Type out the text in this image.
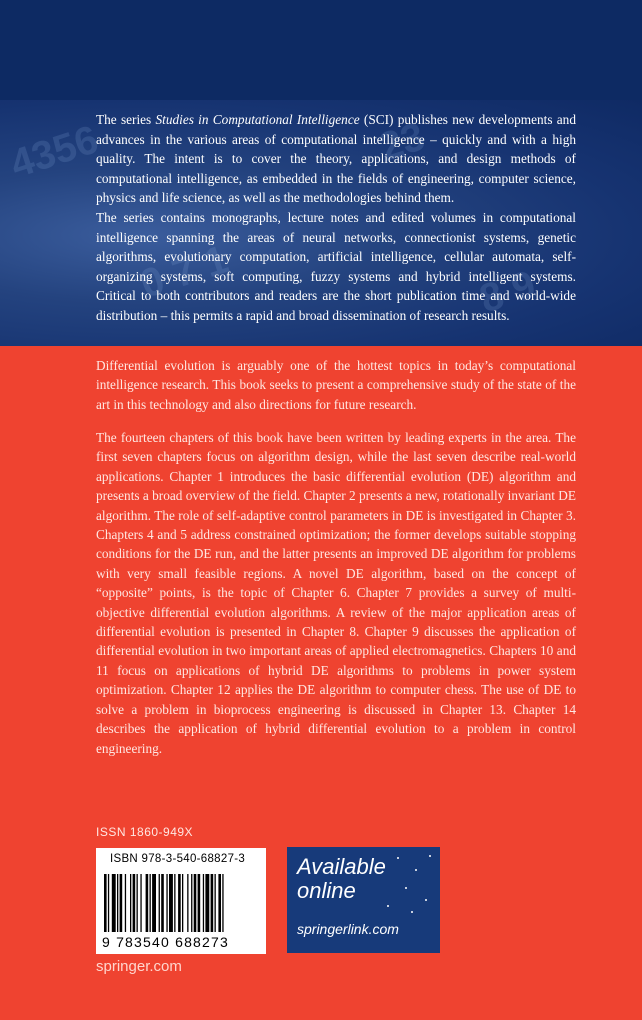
4356
0 7 1
23
8 9

The series Studies in Computational Intelligence (SCI) publishes new developments and advances in the various areas of computational intelligence – quickly and with a high quality. The intent is to cover the theory, applications, and design methods of computational intelligence, as embedded in the fields of engineering, computer science, physics and life science, as well as the methodologies behind them.

The series contains monographs, lecture notes and edited volumes in computational intelligence spanning the areas of neural networks, connectionist systems, genetic algorithms, evolutionary computation, artificial intelligence, cellular automata, self-organizing systems, soft computing, fuzzy systems and hybrid intelligent systems. Critical to both contributors and readers are the short publication time and world-wide distribution – this permits a rapid and broad dissemination of research results.

Differential evolution is arguably one of the hottest topics in today’s computational intelligence research. This book seeks to present a comprehensive study of the state of the art in this technology and also directions for future research.

The fourteen chapters of this book have been written by leading experts in the area. The first seven chapters focus on algorithm design, while the last seven describe real-world applications. Chapter 1 introduces the basic differential evolution (DE) algorithm and presents a broad overview of the field. Chapter 2 presents a new, rotationally invariant DE algorithm. The role of self-adaptive control parameters in DE is investigated in Chapter 3. Chapters 4 and 5 address constrained optimization; the former develops suitable stopping conditions for the DE run, and the latter presents an improved DE algorithm for problems with very small feasible regions. A novel DE algorithm, based on the concept of “opposite” points, is the topic of Chapter 6. Chapter 7 provides a survey of multi-objective differential evolution algorithms. A review of the major application areas of differential evolution is presented in Chapter 8. Chapter 9 discusses the application of differential evolution in two important areas of applied electromagnetics. Chapters 10 and 11 focus on applications of hybrid DE algorithms to problems in power system optimization. Chapter 12 applies the DE algorithm to computer chess. The use of DE to solve a problem in bioprocess engineering is discussed in Chapter 13. Chapter 14 describes the application of hybrid differential evolution to a problem in control engineering.

ISSN 1860-949X
ISBN 978-3-540-68827-3
9 783540 688273
Available
online
springerlink.com
springer.com
